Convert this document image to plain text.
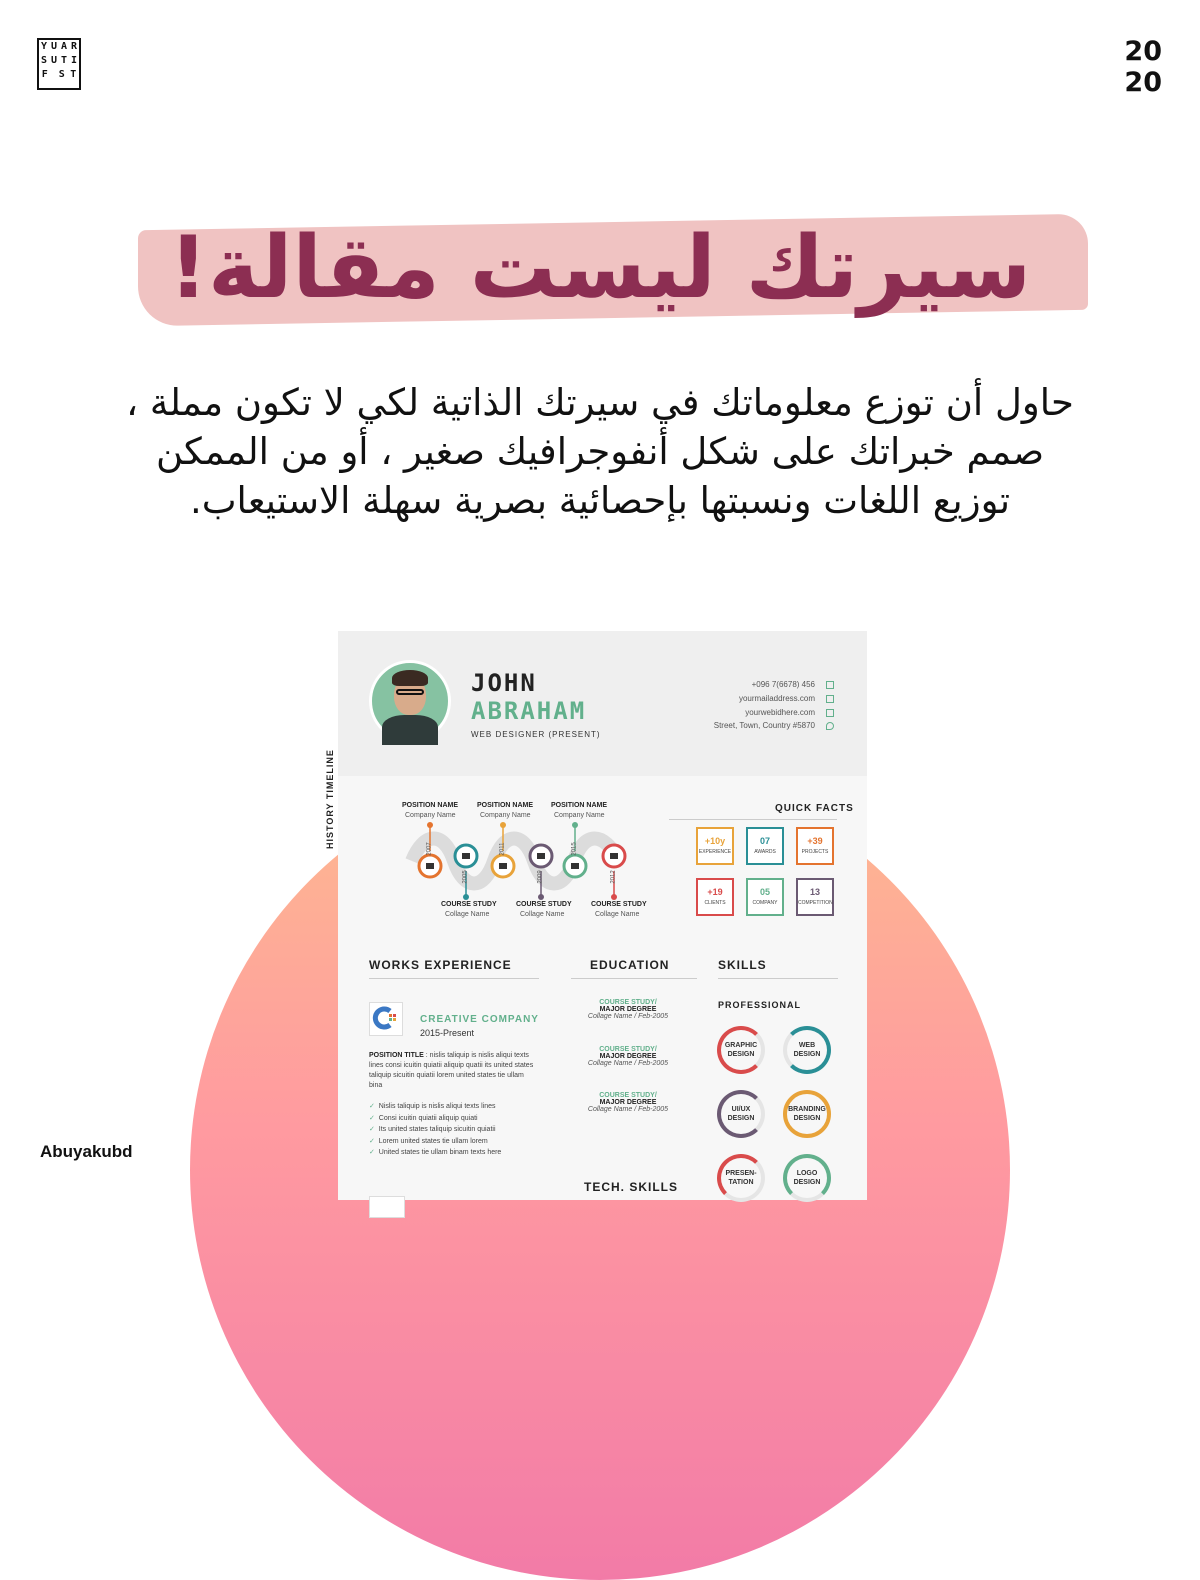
Y U A R
S U T I
F S T
20
20
سيرتك ليست مقالة!
حاول أن توزع معلوماتك في سيرتك الذاتية لكي لا تكون مملة ،
صمم خبراتك على شكل أنفوجرافيك صغير ، أو من الممكن
توزيع اللغات ونسبتها بإحصائية بصرية سهلة الاستيعاب.
Abuyakubd
JOHN
ABRAHAM
WEB DESIGNER (PRESENT)
+096 7(6678) 456
yourmailaddress.com
yourwebidhere.com
Street, Town, Country #5870
HISTORY TIMELINE	POSITION NAME
Company Name
POSITION NAME
Company Name
POSITION NAME
Company Name
2007
2005
2011
2009
2015
2012
COURSE STUDY
Collage Name
COURSE STUDY
Collage Name
COURSE STUDY
Collage Name
QUICK FACTS
+10y
EXPERIENCE
07
AWARDS
+39
PROJECTS
+19
CLIENTS
05
COMPANY
13
COMPETITION
WORKS EXPERIENCE
CREATIVE COMPANY
2015-Present
POSITION TITLE : nislis taliquip is nislis aliqui texts lines consi icuitin quiatii aliquip quatii its united states taliquip sicuitin quiatii lorem united states tie ullam bina
✓ Nislis taliquip is nislis aliqui texts lines
✓ Consi icuitin quiatii aliquip quiati
✓ Its united states taliquip sicuitin quiatii
✓ Lorem united states tie ullam lorem
✓ United states tie ullam binam texts here
EDUCATION
COURSE STUDY/
MAJOR DEGREE
Collage Name / Feb-2005
COURSE STUDY/
MAJOR DEGREE
Collage Name / Feb-2005
COURSE STUDY/
MAJOR DEGREE
Collage Name / Feb-2005
TECH. SKILLS
SKILLS
PROFESSIONAL
GRAPHIC
DESIGN
WEB
DESIGN
UI/UX
DESIGN
BRANDING
DESIGN
PRESEN-
TATION
LOGO
DESIGN
